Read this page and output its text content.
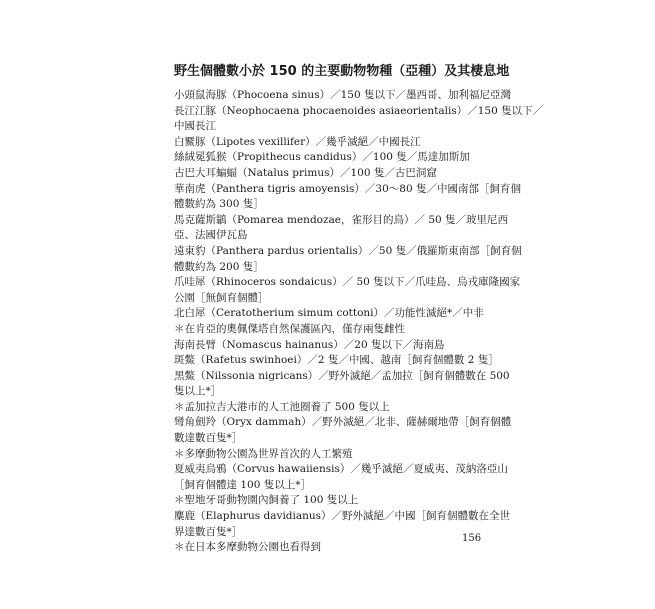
野生個體數小於 150 的主要動物物種（亞種）及其棲息地
小頭鼠海豚（Phocoena sinus）／150 隻以下／墨西哥、加利福尼亞灣
長江江豚（Neophocaena phocaenoides asiaeorientalis）／150 隻以下／
中國長江
白鱀豚（Lipotes vexillifer）／幾乎滅絕／中國長江
絲絨冕狐猴（Propithecus candidus）／100 隻／馬達加斯加
古巴大耳蝙蝠（Natalus primus）／100 隻／古巴洞窟
華南虎（Panthera tigris amoyensis）／30～80 隻／中國南部［飼育個
體數約為 300 隻］
馬克薩斯鶲（Pomarea mendozae，雀形目的鳥）／ 50 隻／玻里尼西
亞、法國伊瓦島
遠東豹（Panthera pardus orientalis）／50 隻／俄羅斯東南部［飼育個
體數約為 200 隻］
爪哇犀（Rhinoceros sondaicus）／ 50 隻以下／爪哇島、烏戎庫隆國家
公園［無飼育個體］
北白犀（Ceratotherium simum cottoni）／功能性滅絕*／中非
＊在肯亞的奧佩傑塔自然保護區內，僅存兩隻雌性
海南長臂（Nomascus hainanus）／20 隻以下／海南島
斑鱉（Rafetus swinhoei）／2 隻／中國、越南［飼育個體數 2 隻］
黑鱉（Nilssonia nigricans）／野外滅絕／孟加拉［飼育個體數在 500
隻以上*］
＊孟加拉吉大港市的人工池圈養了 500 隻以上
彎角劍羚（Oryx dammah）／野外滅絕／北非、薩赫爾地帶［飼育個體
數達數百隻*］
＊多摩動物公園為世界首次的人工繁殖
夏威夷烏鴉（Corvus hawaiiensis）／幾乎滅絕／夏威夷、茂納洛亞山
［飼育個體達 100 隻以上*］
＊聖地牙哥動物園內飼養了 100 隻以上
麋鹿（Elaphurus davidianus）／野外滅絕／中國［飼育個體數在全世
界達數百隻*］
＊在日本多摩動物公園也看得到
156
